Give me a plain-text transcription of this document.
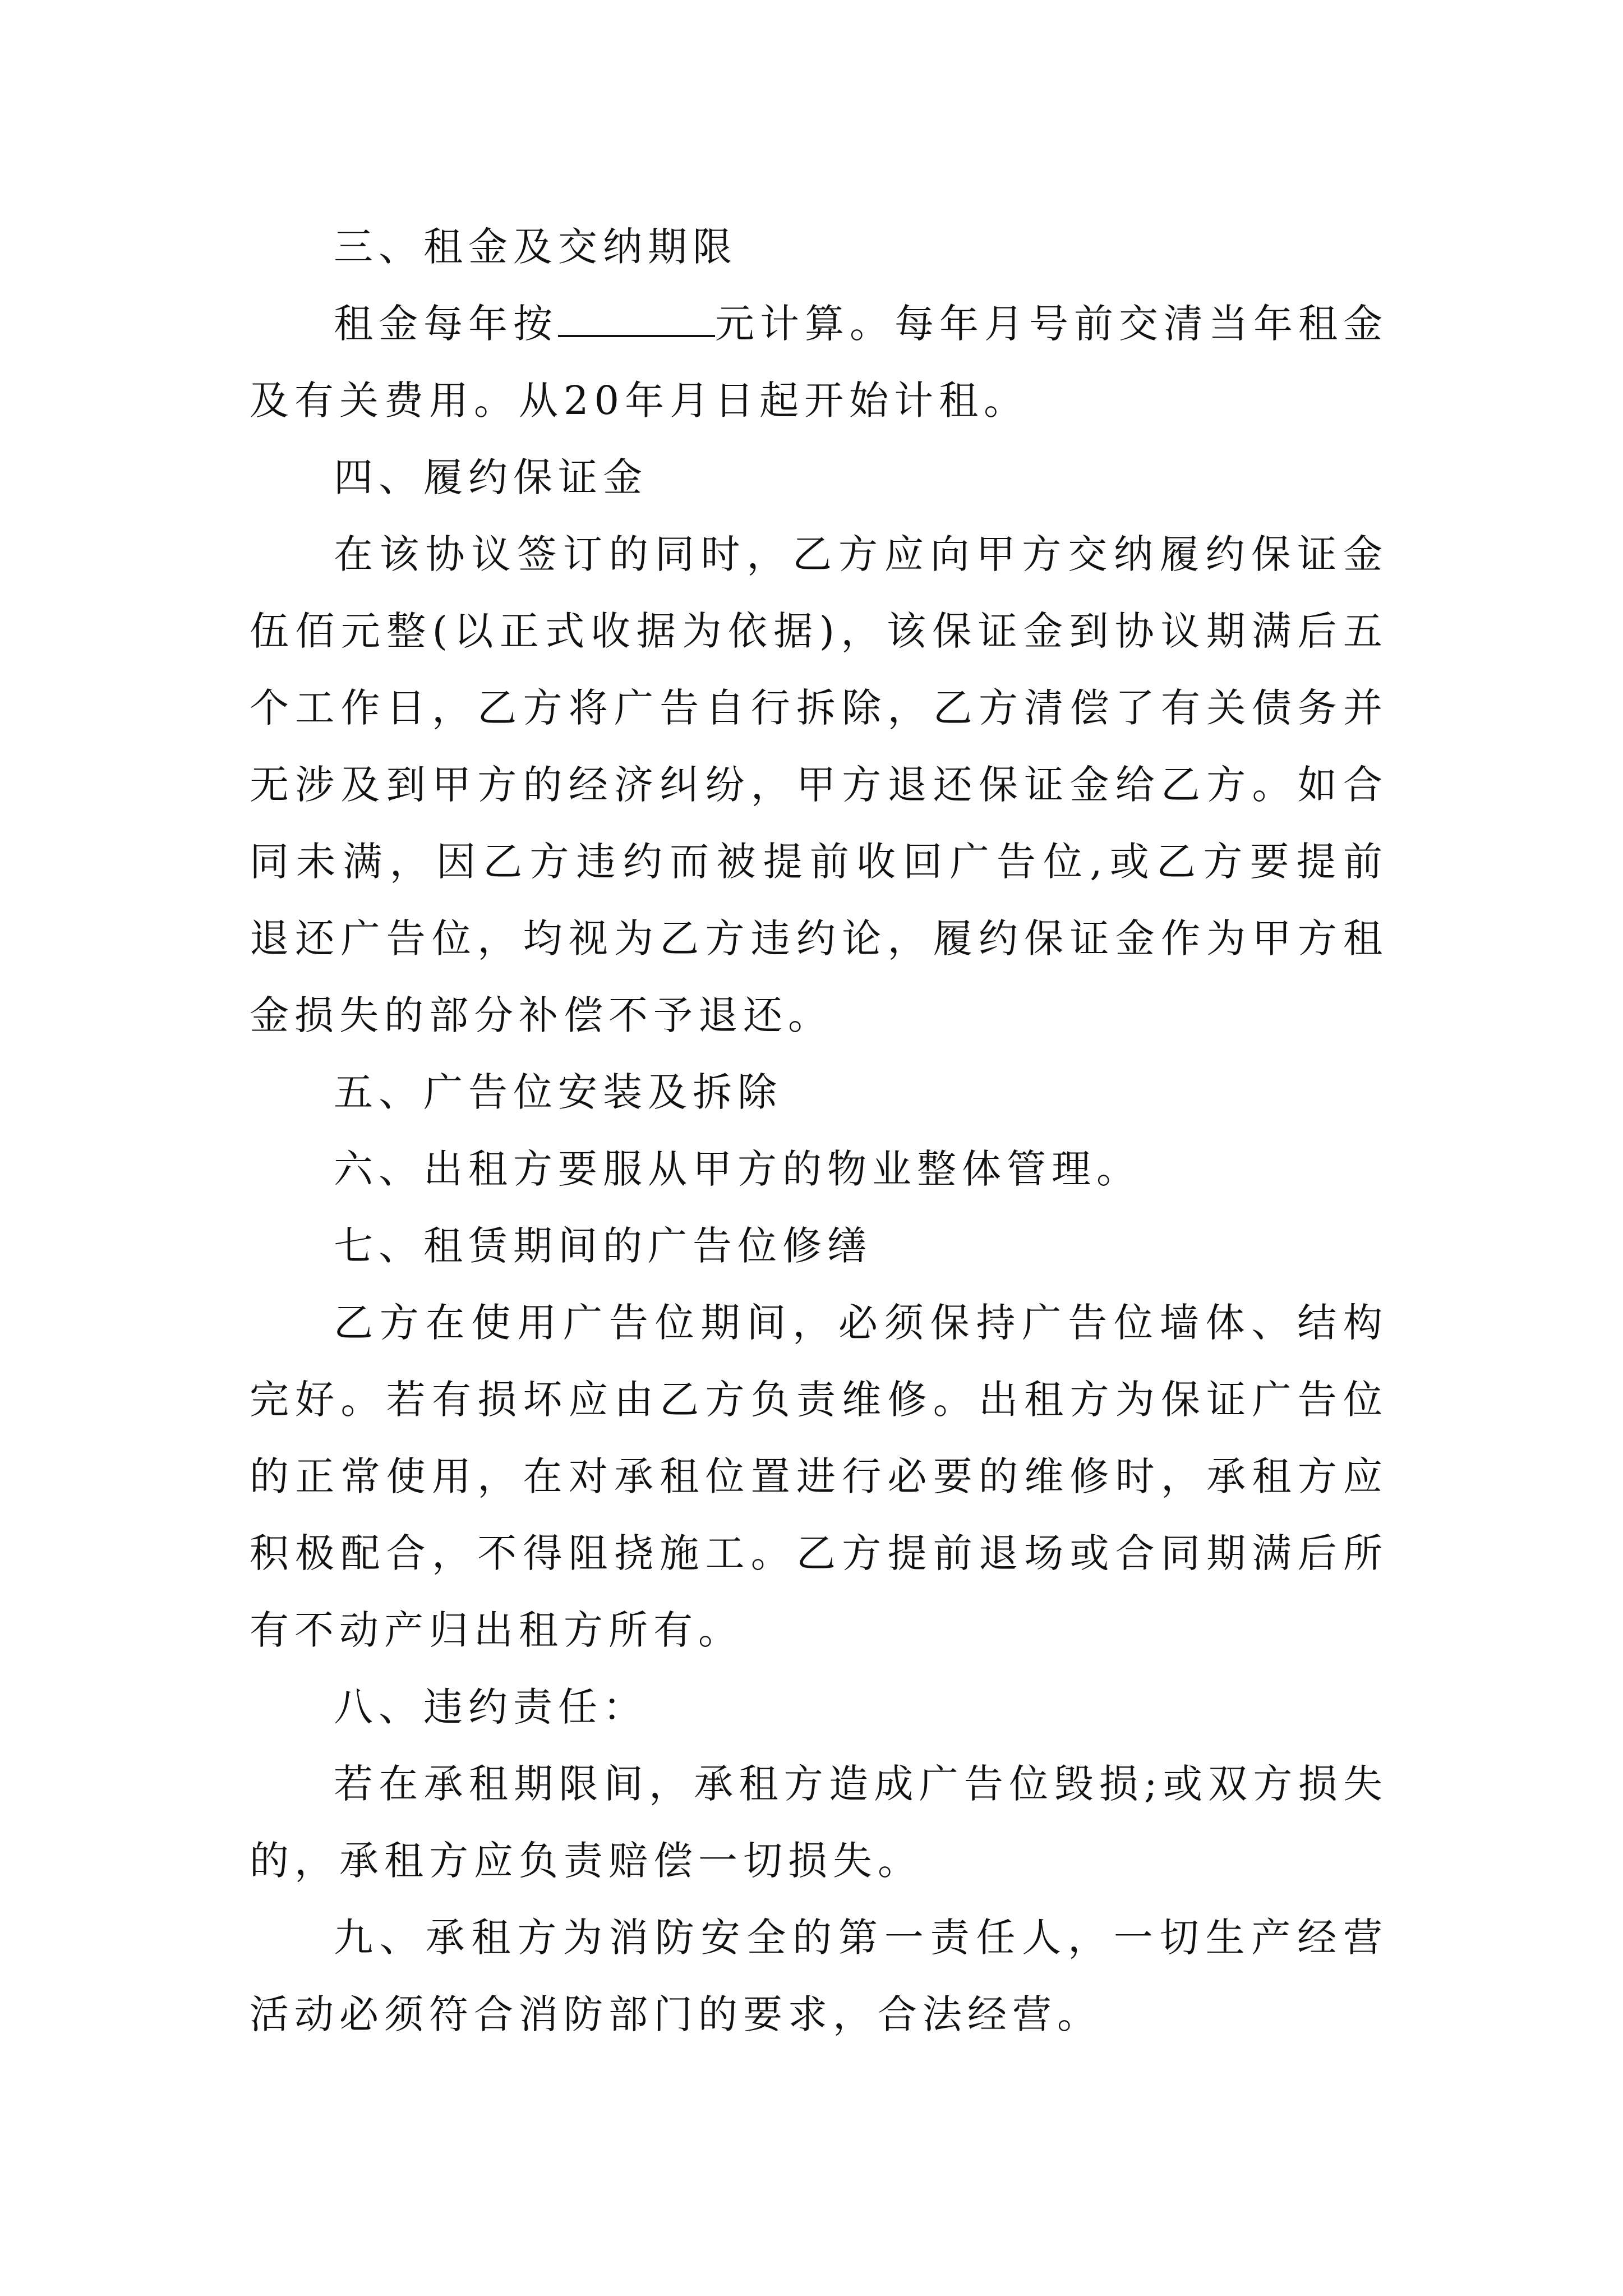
三、租金及交纳期限

租金每年按	元计算。每年月号前交清当年租金及有关费用。从20年月日起开始计租。

四、履约保证金

在该协议签订的同时，乙方应向甲方交纳履约保证金伍佰元整(以正式收据为依据)，该保证金到协议期满后五个工作日，乙方将广告自行拆除，乙方清偿了有关债务并无涉及到甲方的经济纠纷，甲方退还保证金给乙方。如合同未满，因乙方违约而被提前收回广告位,或乙方要提前退还广告位，均视为乙方违约论，履约保证金作为甲方租金损失的部分补偿不予退还。

五、广告位安装及拆除

六、出租方要服从甲方的物业整体管理。

七、租赁期间的广告位修缮

乙方在使用广告位期间，必须保持广告位墙体、结构完好。若有损坏应由乙方负责维修。出租方为保证广告位的正常使用，在对承租位置进行必要的维修时，承租方应积极配合，不得阻挠施工。乙方提前退场或合同期满后所有不动产归出租方所有。

八、违约责任：

若在承租期限间，承租方造成广告位毁损;或双方损失的，承租方应负责赔偿一切损失。

九、承租方为消防安全的第一责任人，一切生产经营活动必须符合消防部门的要求，合法经营。
